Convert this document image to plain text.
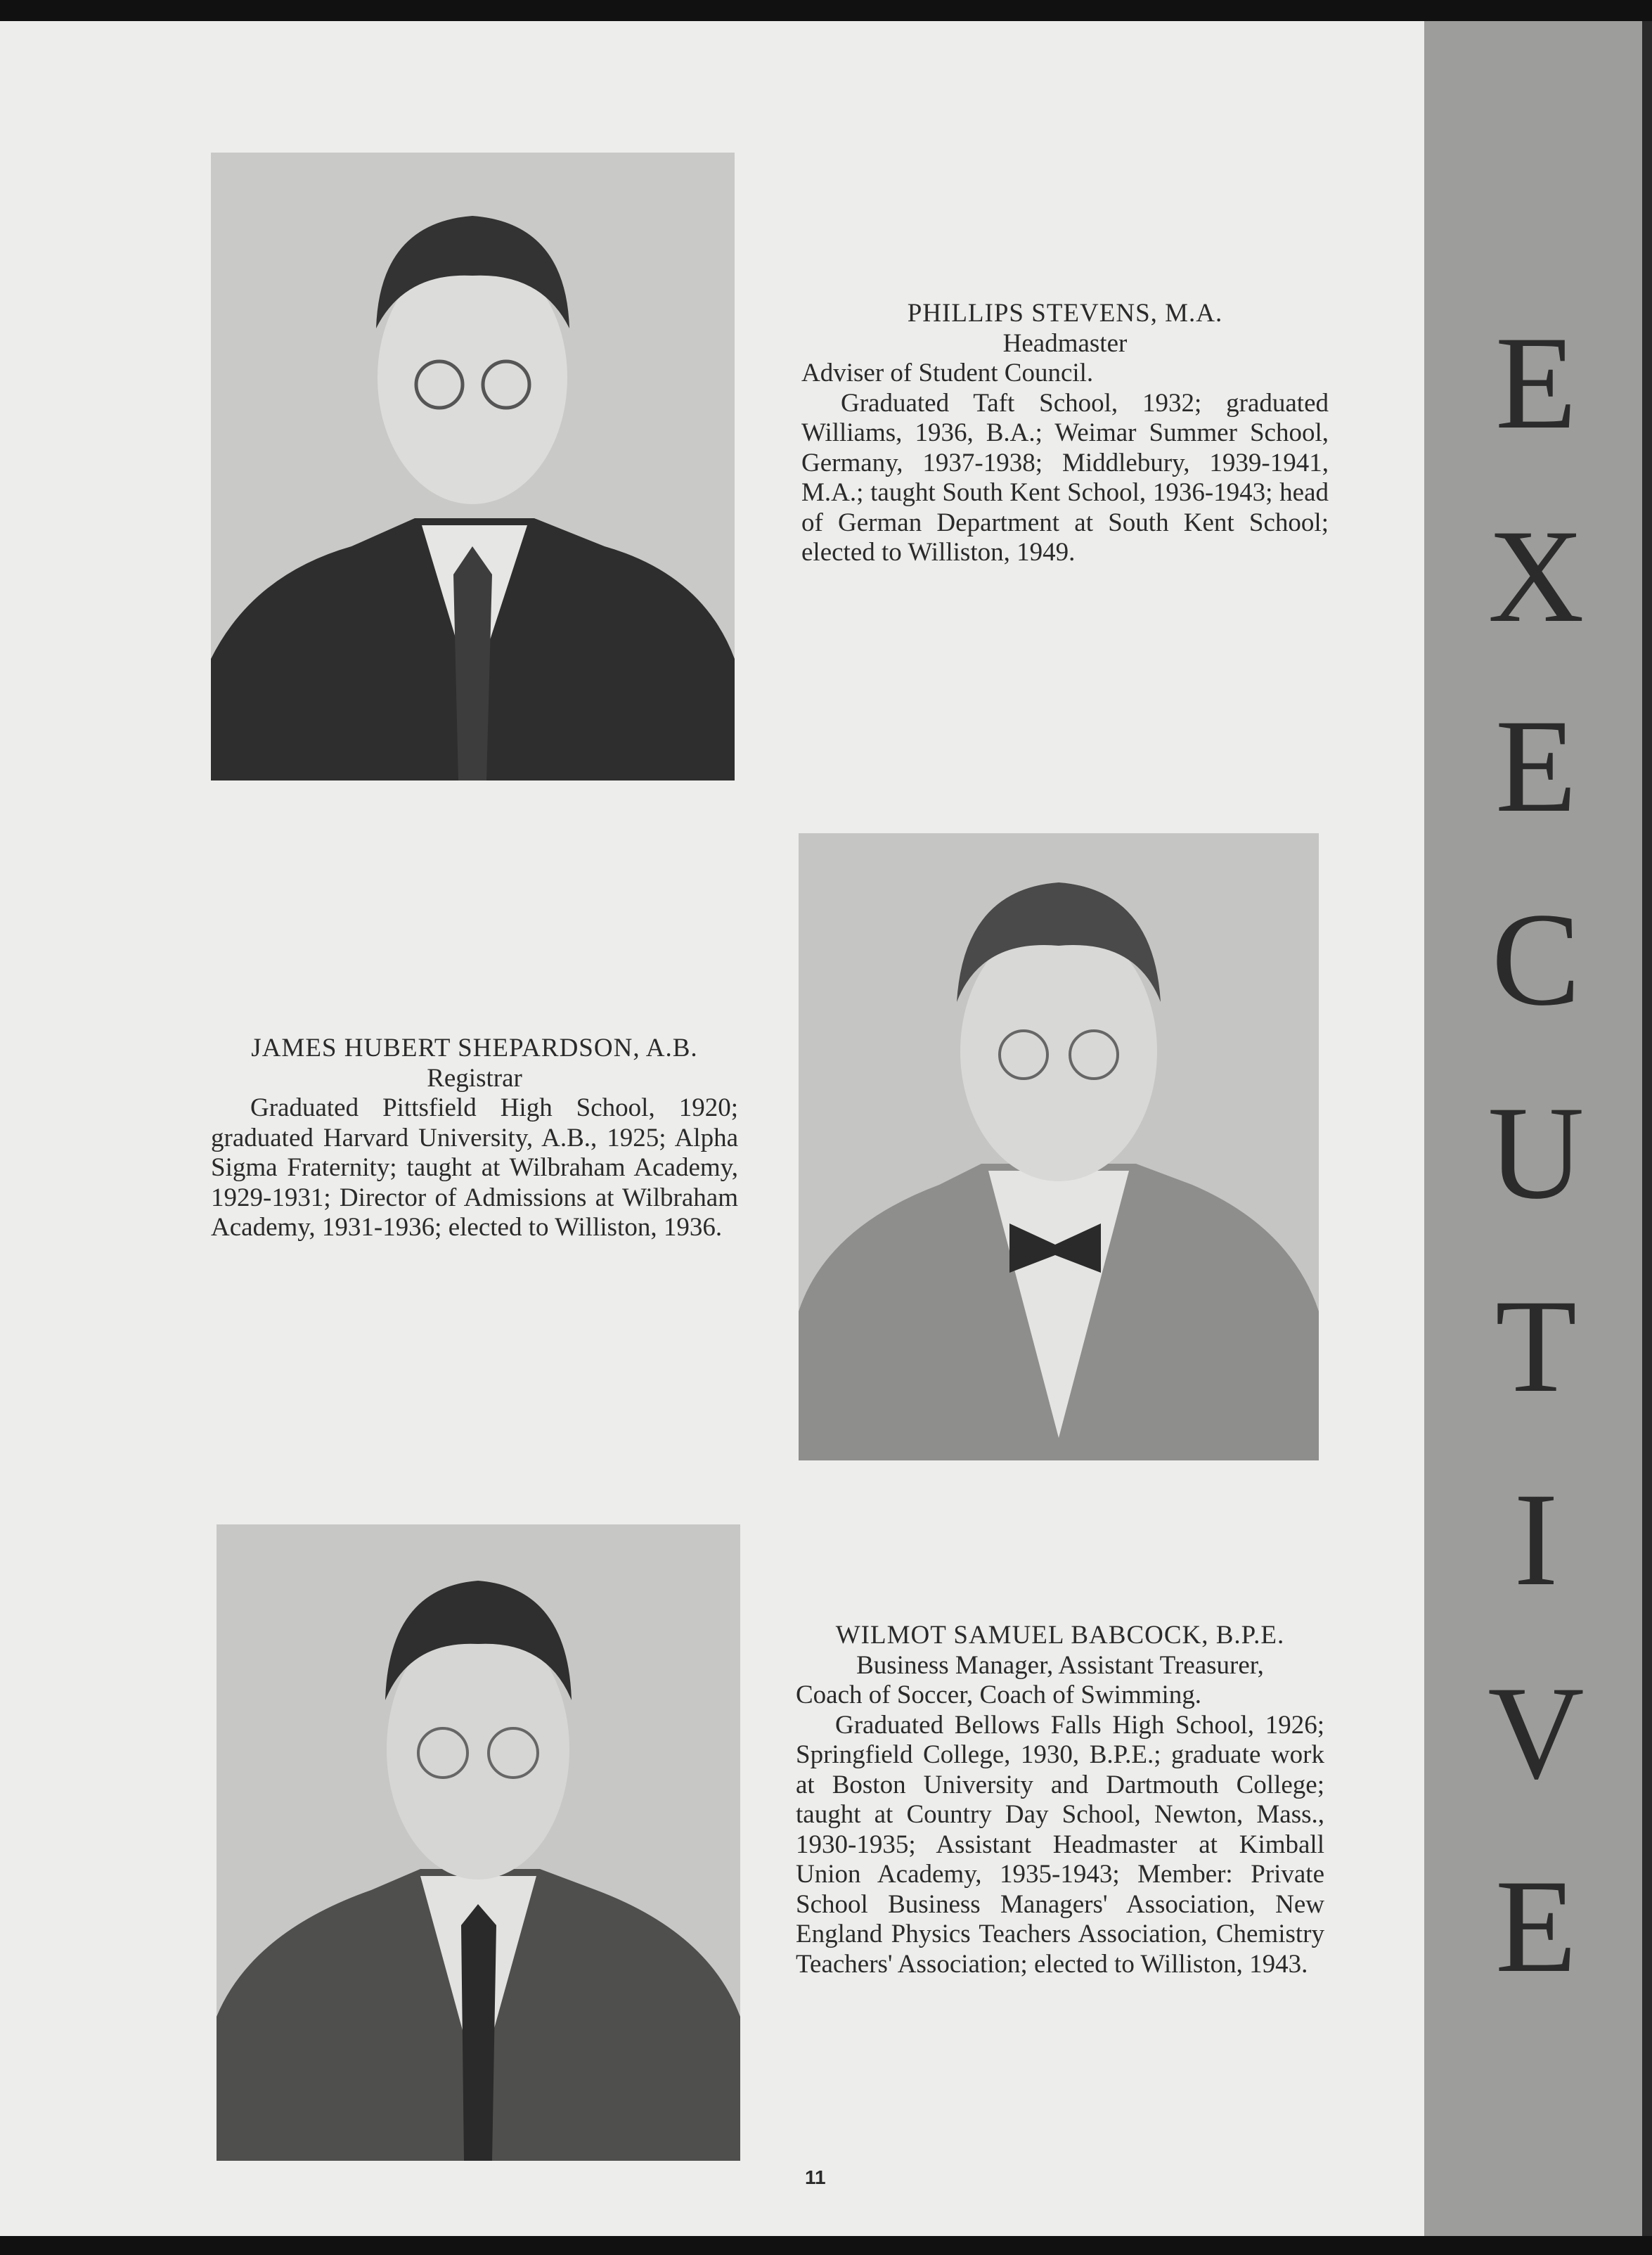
E
X
E
C
U
T
I
V
E
PHILLIPS STEVENS, M.A.
Headmaster
Adviser of Student Council.
Graduated Taft School, 1932; graduated Williams, 1936, B.A.; Weimar Summer School, Germany, 1937-1938; Middlebury, 1939-1941, M.A.; taught South Kent School, 1936-1943; head of German Department at South Kent School; elected to Williston, 1949.
JAMES HUBERT SHEPARDSON, A.B.
Registrar
Graduated Pittsfield High School, 1920; graduated Harvard University, A.B., 1925; Alpha Sigma Fraternity; taught at Wilbraham Academy, 1929-1931; Director of Admissions at Wilbraham Academy, 1931-1936; elected to Williston, 1936.
WILMOT SAMUEL BABCOCK, B.P.E.
Business Manager, Assistant Treasurer,
Coach of Soccer, Coach of Swimming.
Graduated Bellows Falls High School, 1926; Springfield College, 1930, B.P.E.; graduate work at Boston University and Dartmouth College; taught at Country Day School, Newton, Mass., 1930-1935; Assistant Headmaster at Kimball Union Academy, 1935-1943; Member: Private School Business Managers' Association, New England Physics Teachers Association, Chemistry Teachers' Association; elected to Williston, 1943.
11
